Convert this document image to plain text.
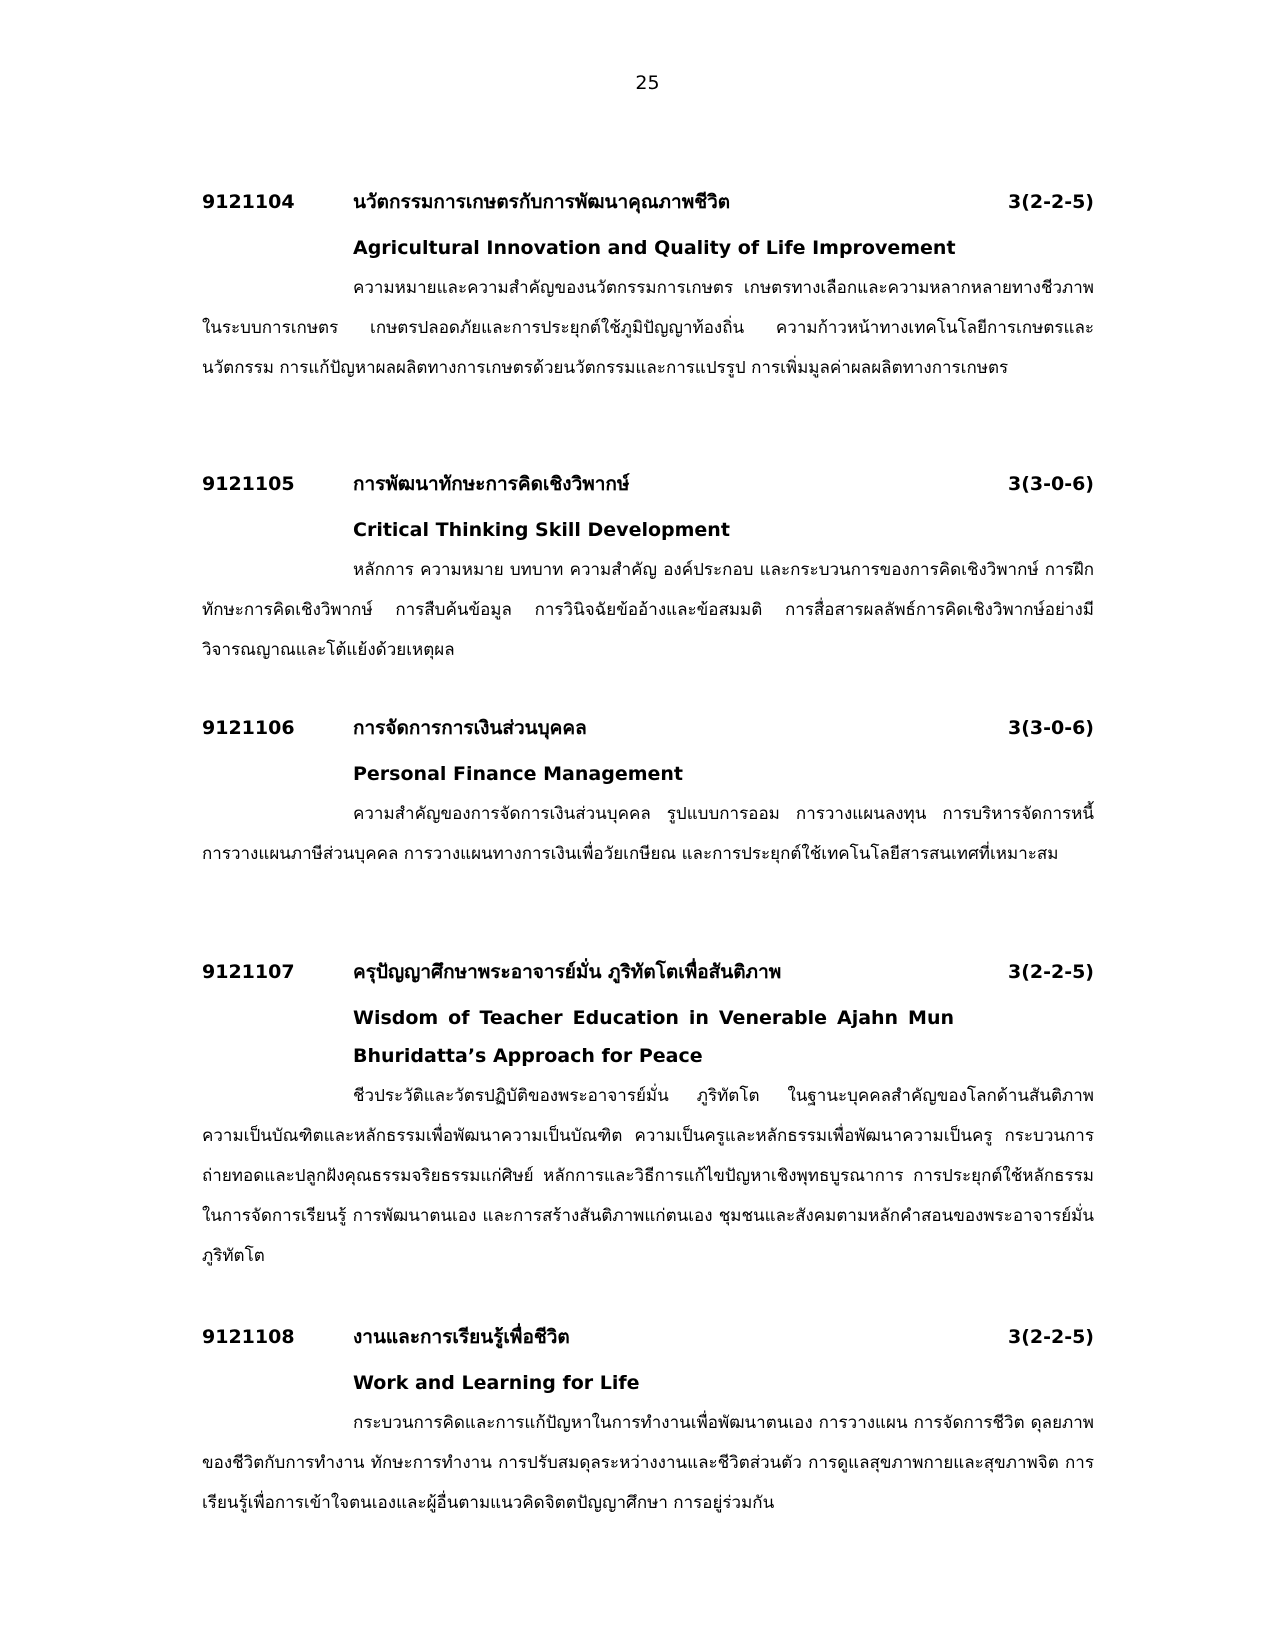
25
9121104	นวัตกรรมการเกษตรกับการพัฒนาคุณภาพชีวิต	3(2-2-5)
Agricultural Innovation and Quality of Life Improvement

ความหมายและความสำคัญของนวัตกรรมการเกษตร เกษตรทางเลือกและความหลากหลายทางชีวภาพในระบบการเกษตร เกษตรปลอดภัยและการประยุกต์ใช้ภูมิปัญญาท้องถิ่น ความก้าวหน้าทางเทคโนโลยีการเกษตรและนวัตกรรม การแก้ปัญหาผลผลิตทางการเกษตรด้วยนวัตกรรมและการแปรรูป การเพิ่มมูลค่าผลผลิตทางการเกษตร

9121105	การพัฒนาทักษะการคิดเชิงวิพากษ์	3(3-0-6)
Critical Thinking Skill Development

หลักการ ความหมาย บทบาท ความสำคัญ องค์ประกอบ และกระบวนการของการคิดเชิงวิพากษ์ การฝึกทักษะการคิดเชิงวิพากษ์ การสืบค้นข้อมูล การวินิจฉัยข้ออ้างและข้อสมมติ การสื่อสารผลลัพธ์การคิดเชิงวิพากษ์อย่างมีวิจารณญาณและโต้แย้งด้วยเหตุผล

9121106	การจัดการการเงินส่วนบุคคล	3(3-0-6)
Personal Finance Management

ความสำคัญของการจัดการเงินส่วนบุคคล รูปแบบการออม การวางแผนลงทุน การบริหารจัดการหนี้ การวางแผนภาษีส่วนบุคคล การวางแผนทางการเงินเพื่อวัยเกษียณ และการประยุกต์ใช้เทคโนโลยีสารสนเทศที่เหมาะสม

9121107	ครุปัญญาศึกษาพระอาจารย์มั่น ภูริทัตโตเพื่อสันติภาพ	3(2-2-5)
Wisdom of Teacher Education in Venerable Ajahn Mun
Bhuridatta’s Approach for Peace

ชีวประวัติและวัตรปฏิบัติของพระอาจารย์มั่น ภูริทัตโต ในฐานะบุคคลสำคัญของโลกด้านสันติภาพ ความเป็นบัณฑิตและหลักธรรมเพื่อพัฒนาความเป็นบัณฑิต ความเป็นครูและหลักธรรมเพื่อพัฒนาความเป็นครู กระบวนการถ่ายทอดและปลูกฝังคุณธรรมจริยธรรมแก่ศิษย์ หลักการและวิธีการแก้ไขปัญหาเชิงพุทธบูรณาการ การประยุกต์ใช้หลักธรรมในการจัดการเรียนรู้ การพัฒนาตนเอง และการสร้างสันติภาพแก่ตนเอง ชุมชนและสังคมตามหลักคำสอนของพระอาจารย์มั่น ภูริทัตโต

9121108	งานและการเรียนรู้เพื่อชีวิต	3(2-2-5)
Work and Learning for Life

กระบวนการคิดและการแก้ปัญหาในการทำงานเพื่อพัฒนาตนเอง การวางแผน การจัดการชีวิต ดุลยภาพของชีวิตกับการทำงาน ทักษะการทำงาน การปรับสมดุลระหว่างงานและชีวิตส่วนตัว การดูแลสุขภาพกายและสุขภาพจิต การเรียนรู้เพื่อการเข้าใจตนเองและผู้อื่นตามแนวคิดจิตตปัญญาศึกษา การอยู่ร่วมกัน
